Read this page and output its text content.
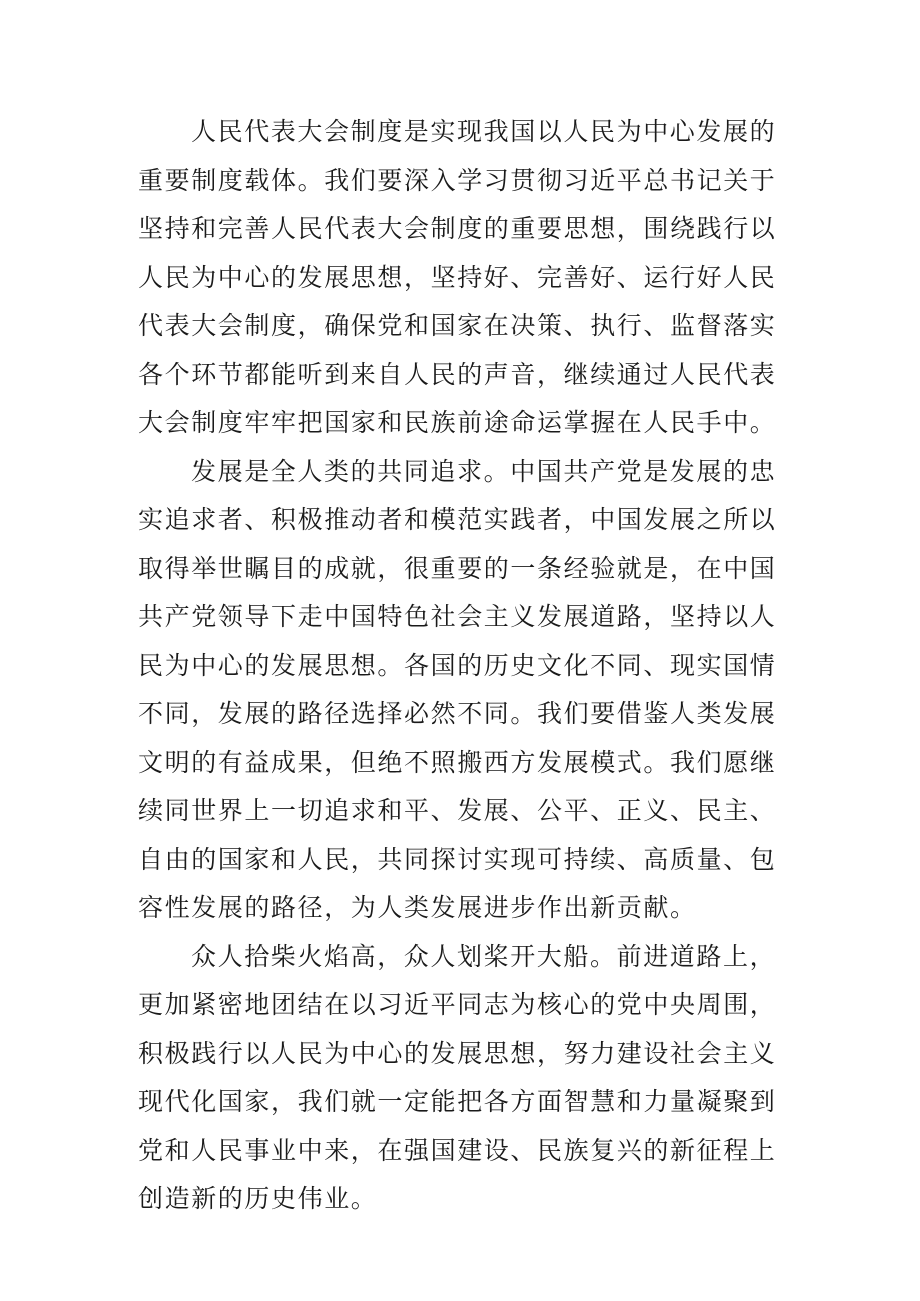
人民代表大会制度是实现我国以人民为中心发展的重要制度载体。我们要深入学习贯彻习近平总书记关于坚持和完善人民代表大会制度的重要思想，围绕践行以人民为中心的发展思想，坚持好、完善好、运行好人民代表大会制度，确保党和国家在决策、执行、监督落实各个环节都能听到来自人民的声音，继续通过人民代表大会制度牢牢把国家和民族前途命运掌握在人民手中。

发展是全人类的共同追求。中国共产党是发展的忠实追求者、积极推动者和模范实践者，中国发展之所以取得举世瞩目的成就，很重要的一条经验就是，在中国共产党领导下走中国特色社会主义发展道路，坚持以人民为中心的发展思想。各国的历史文化不同、现实国情不同，发展的路径选择必然不同。我们要借鉴人类发展文明的有益成果，但绝不照搬西方发展模式。我们愿继续同世界上一切追求和平、发展、公平、正义、民主、自由的国家和人民，共同探讨实现可持续、高质量、包容性发展的路径，为人类发展进步作出新贡献。

众人拾柴火焰高，众人划桨开大船。前进道路上，更加紧密地团结在以习近平同志为核心的党中央周围，积极践行以人民为中心的发展思想，努力建设社会主义现代化国家，我们就一定能把各方面智慧和力量凝聚到党和人民事业中来，在强国建设、民族复兴的新征程上创造新的历史伟业。
